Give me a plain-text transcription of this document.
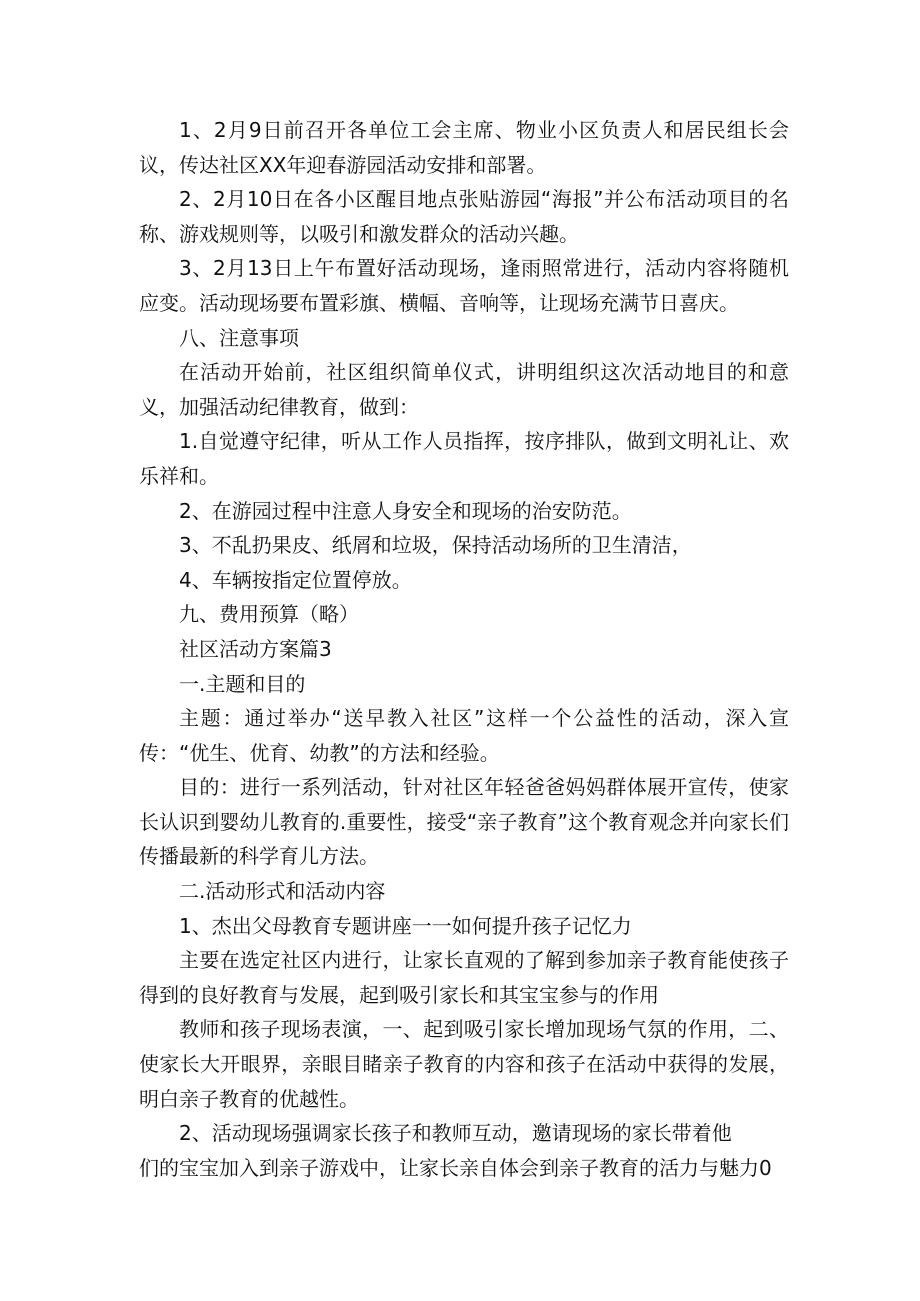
1、2月9日前召开各单位工会主席、物业小区负责人和居民组长会议，传达社区XX年迎春游园活动安排和部署。

2、2月10日在各小区醒目地点张贴游园“海报”并公布活动项目的名称、游戏规则等，以吸引和激发群众的活动兴趣。

3、2月13日上午布置好活动现场，逢雨照常进行，活动内容将随机应变。活动现场要布置彩旗、横幅、音响等，让现场充满节日喜庆。

八、注意事项

在活动开始前，社区组织简单仪式，讲明组织这次活动地目的和意义，加强活动纪律教育，做到：

1.自觉遵守纪律，听从工作人员指挥，按序排队，做到文明礼让、欢乐祥和。

2、在游园过程中注意人身安全和现场的治安防范。

3、不乱扔果皮、纸屑和垃圾，保持活动场所的卫生清洁，

4、车辆按指定位置停放。

九、费用预算（略）

社区活动方案篇3

一.主题和目的

主题：通过举办“送早教入社区”这样一个公益性的活动，深入宣传：“优生、优育、幼教”的方法和经验。

目的：进行一系列活动，针对社区年轻爸爸妈妈群体展开宣传，使家长认识到婴幼儿教育的.重要性，接受“亲子教育”这个教育观念并向家长们传播最新的科学育儿方法。

二.活动形式和活动内容

1、杰出父母教育专题讲座一一如何提升孩子记忆力

主要在选定社区内进行，让家长直观的了解到参加亲子教育能使孩子得到的良好教育与发展，起到吸引家长和其宝宝参与的作用

教师和孩子现场表演，一、起到吸引家长增加现场气氛的作用，二、使家长大开眼界，亲眼目睹亲子教育的内容和孩子在活动中获得的发展，明白亲子教育的优越性。

2、活动现场强调家长孩子和教师互动，邀请现场的家长带着他

们的宝宝加入到亲子游戏中，让家长亲自体会到亲子教育的活力与魅力0
